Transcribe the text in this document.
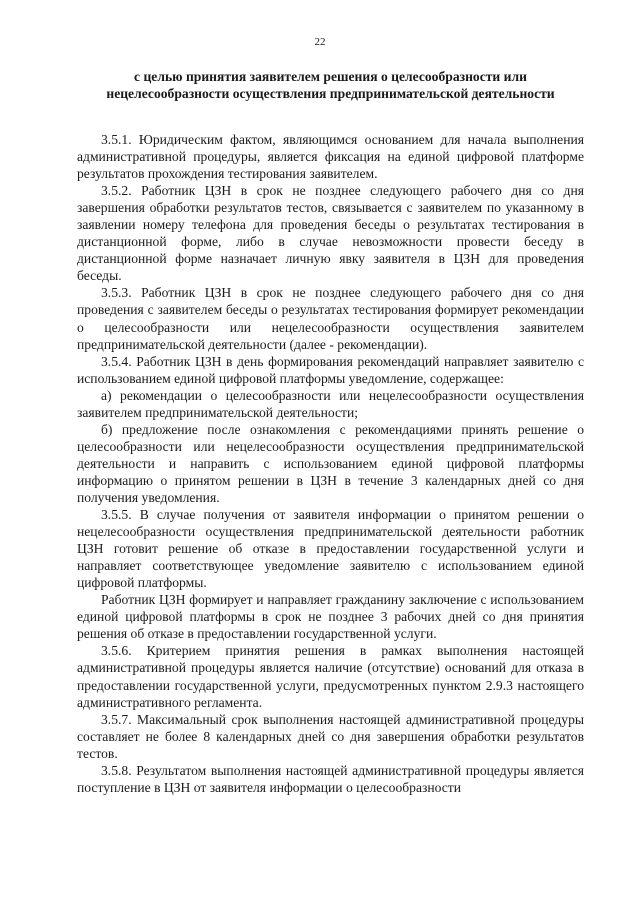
22
с целью принятия заявителем решения о целесообразности или нецелесообразности осуществления предпринимательской деятельности

3.5.1. Юридическим фактом, являющимся основанием для начала выполнения административной процедуры, является фиксация на единой цифровой платформе результатов прохождения тестирования заявителем.

3.5.2. Работник ЦЗН в срок не позднее следующего рабочего дня со дня завершения обработки результатов тестов, связывается с заявителем по указанному в заявлении номеру телефона для проведения беседы о результатах тестирования в дистанционной форме, либо в случае невозможности провести беседу в дистанционной форме назначает личную явку заявителя в ЦЗН для проведения беседы.

3.5.3. Работник ЦЗН в срок не позднее следующего рабочего дня со дня проведения с заявителем беседы о результатах тестирования формирует рекомендации о целесообразности или нецелесообразности осуществления заявителем предпринимательской деятельности (далее - рекомендации).

3.5.4. Работник ЦЗН в день формирования рекомендаций направляет заявителю с использованием единой цифровой платформы уведомление, содержащее:

а) рекомендации о целесообразности или нецелесообразности осуществления заявителем предпринимательской деятельности;

б) предложение после ознакомления с рекомендациями принять решение о целесообразности или нецелесообразности осуществления предпринимательской деятельности и направить с использованием единой цифровой платформы информацию о принятом решении в ЦЗН в течение 3 календарных дней со дня получения уведомления.

3.5.5. В случае получения от заявителя информации о принятом решении о нецелесообразности осуществления предпринимательской деятельности работник ЦЗН готовит решение об отказе в предоставлении государственной услуги и направляет соответствующее уведомление заявителю с использованием единой цифровой платформы.

Работник ЦЗН формирует и направляет гражданину заключение с использованием единой цифровой платформы в срок не позднее 3 рабочих дней со дня принятия решения об отказе в предоставлении государственной услуги.

3.5.6. Критерием принятия решения в рамках выполнения настоящей административной процедуры является наличие (отсутствие) оснований для отказа в предоставлении государственной услуги, предусмотренных пунктом 2.9.3 настоящего административного регламента.

3.5.7. Максимальный срок выполнения настоящей административной процедуры составляет не более 8 календарных дней со дня завершения обработки результатов тестов.

3.5.8. Результатом выполнения настоящей административной процедуры является поступление в ЦЗН от заявителя информации о целесообразности
